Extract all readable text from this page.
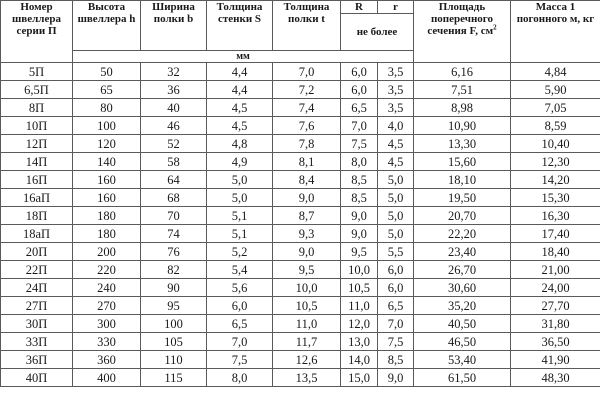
Номер швеллера серии П	Высота швеллера h	Ширина полки b	Толщина стенки S	Толщина полки t	R	r	Площадь поперечного сечения F, $см^2$	Масса 1 погонного м, кг
					не более			
	мм							
5П	50	32	4,4	7,0	6,0	3,5	6,16	4,84
6,5П	65	36	4,4	7,2	6,0	3,5	7,51	5,90
8П	80	40	4,5	7,4	6,5	3,5	8,98	7,05
10П	100	46	4,5	7,6	7,0	4,0	10,90	8,59
12П	120	52	4,8	7,8	7,5	4,5	13,30	10,40
14П	140	58	4,9	8,1	8,0	4,5	15,60	12,30
16П	160	64	5,0	8,4	8,5	5,0	18,10	14,20
16аП	160	68	5,0	9,0	8,5	5,0	19,50	15,30
18П	180	70	5,1	8,7	9,0	5,0	20,70	16,30
18аП	180	74	5,1	9,3	9,0	5,0	22,20	17,40
20П	200	76	5,2	9,0	9,5	5,5	23,40	18,40
22П	220	82	5,4	9,5	10,0	6,0	26,70	21,00
24П	240	90	5,6	10,0	10,5	6,0	30,60	24,00
27П	270	95	6,0	10,5	11,0	6,5	35,20	27,70
30П	300	100	6,5	11,0	12,0	7,0	40,50	31,80
33П	330	105	7,0	11,7	13,0	7,5	46,50	36,50
36П	360	110	7,5	12,6	14,0	8,5	53,40	41,90
40П	400	115	8,0	13,5	15,0	9,0	61,50	48,30
